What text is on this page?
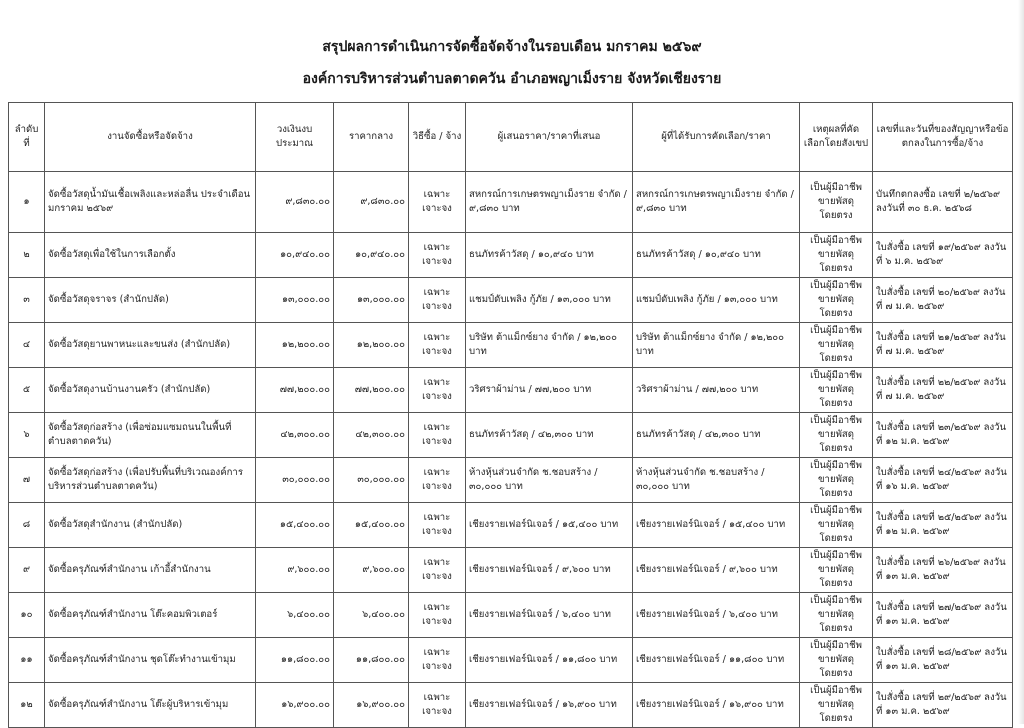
สรุปผลการดำเนินการจัดซื้อจัดจ้างในรอบเดือน มกราคม ๒๕๖๙
องค์การบริหารส่วนตำบลตาดควัน อำเภอพญาเม็งราย จังหวัดเชียงราย
ลำดับที่	งานจัดซื้อหรือจัดจ้าง	วงเงินงบประมาณ	ราคากลาง	วิธีซื้อ / จ้าง	ผู้เสนอราคา/ราคาที่เสนอ	ผู้ที่ได้รับการคัดเลือก/ราคา	เหตุผลที่คัดเลือกโดยสังเขป	เลขที่และวันที่ของสัญญาหรือข้อตกลงในการซื้อ/จ้าง
๑	จัดซื้อวัสดุน้ำมันเชื้อเพลิงและหล่อลื่น ประจำเดือน มกราคม ๒๕๖๙	๙,๘๓๐.๐๐	๙,๘๓๐.๐๐	เฉพาะเจาะจง	สหกรณ์การเกษตรพญาเม็งราย จำกัด / ๙,๘๓๐ บาท	สหกรณ์การเกษตรพญาเม็งราย จำกัด / ๙,๘๓๐ บาท	เป็นผู้มีอาชีพ ขายพัสดุโดยตรง	บันทึกตกลงซื้อ เลขที่ ๒/๒๕๖๙ ลงวันที่ ๓๐ ธ.ค. ๒๕๖๘
๒	จัดซื้อวัสดุเพื่อใช้ในการเลือกตั้ง	๑๐,๙๔๐.๐๐	๑๐,๙๔๐.๐๐	เฉพาะเจาะจง	ธนภัทรค้าวัสดุ / ๑๐,๙๔๐ บาท	ธนภัทรค้าวัสดุ / ๑๐,๙๔๐ บาท	เป็นผู้มีอาชีพ ขายพัสดุโดยตรง	ใบสั่งซื้อ เลขที่ ๑๙/๒๕๖๙ ลงวันที่ ๖ ม.ค. ๒๕๖๙
๓	จัดซื้อวัสดุจราจร (สำนักปลัด)	๑๓,๐๐๐.๐๐	๑๓,๐๐๐.๐๐	เฉพาะเจาะจง	แชมป์ดับเพลิง กู้ภัย / ๑๓,๐๐๐ บาท	แชมป์ดับเพลิง กู้ภัย / ๑๓,๐๐๐ บาท	เป็นผู้มีอาชีพ ขายพัสดุโดยตรง	ใบสั่งซื้อ เลขที่ ๒๐/๒๕๖๙ ลงวันที่ ๗ ม.ค. ๒๕๖๙
๔	จัดซื้อวัสดุยานพาหนะและขนส่ง (สำนักปลัด)	๑๒,๒๐๐.๐๐	๑๒,๒๐๐.๐๐	เฉพาะเจาะจง	บริษัท ต้าแม็กซ์ยาง จำกัด / ๑๒,๒๐๐ บาท	บริษัท ต้าแม็กซ์ยาง จำกัด / ๑๒,๒๐๐ บาท	เป็นผู้มีอาชีพ ขายพัสดุโดยตรง	ใบสั่งซื้อ เลขที่ ๒๑/๒๕๖๙ ลงวันที่ ๗ ม.ค. ๒๕๖๙
๕	จัดซื้อวัสดุงานบ้านงานครัว (สำนักปลัด)	๗๗,๒๐๐.๐๐	๗๗,๒๐๐.๐๐	เฉพาะเจาะจง	วริศราผ้าม่าน / ๗๗,๒๐๐ บาท	วริศราผ้าม่าน / ๗๗,๒๐๐ บาท	เป็นผู้มีอาชีพ ขายพัสดุโดยตรง	ใบสั่งซื้อ เลขที่ ๒๒/๒๕๖๙ ลงวันที่ ๗ ม.ค. ๒๕๖๙
๖	จัดซื้อวัสดุก่อสร้าง (เพื่อซ่อมแซมถนนในพื้นที่ตำบลตาดควัน)	๔๒,๓๐๐.๐๐	๔๒,๓๐๐.๐๐	เฉพาะเจาะจง	ธนภัทรค้าวัสดุ / ๔๒,๓๐๐ บาท	ธนภัทรค้าวัสดุ / ๔๒,๓๐๐ บาท	เป็นผู้มีอาชีพ ขายพัสดุโดยตรง	ใบสั่งซื้อ เลขที่ ๒๓/๒๕๖๙ ลงวันที่ ๑๒ ม.ค. ๒๕๖๙
๗	จัดซื้อวัสดุก่อสร้าง (เพื่อปรับพื้นที่บริเวณองค์การบริหารส่วนตำบลตาดควัน)	๓๐,๐๐๐.๐๐	๓๐,๐๐๐.๐๐	เฉพาะเจาะจง	ห้างหุ้นส่วนจำกัด ช.ชอบสร้าง / ๓๐,๐๐๐ บาท	ห้างหุ้นส่วนจำกัด ช.ชอบสร้าง / ๓๐,๐๐๐ บาท	เป็นผู้มีอาชีพ ขายพัสดุโดยตรง	ใบสั่งซื้อ เลขที่ ๒๔/๒๕๖๙ ลงวันที่ ๑๖ ม.ค. ๒๕๖๙
๘	จัดซื้อวัสดุสำนักงาน (สำนักปลัด)	๑๕,๔๐๐.๐๐	๑๕,๔๐๐.๐๐	เฉพาะเจาะจง	เชียงรายเฟอร์นิเจอร์ / ๑๕,๔๐๐ บาท	เชียงรายเฟอร์นิเจอร์ / ๑๕,๔๐๐ บาท	เป็นผู้มีอาชีพ ขายพัสดุโดยตรง	ใบสั่งซื้อ เลขที่ ๒๕/๒๕๖๙ ลงวันที่ ๑๒ ม.ค. ๒๕๖๙
๙	จัดซื้อครุภัณฑ์สำนักงาน เก้าอี้สำนักงาน	๙,๖๐๐.๐๐	๙,๖๐๐.๐๐	เฉพาะเจาะจง	เชียงรายเฟอร์นิเจอร์ / ๙,๖๐๐ บาท	เชียงรายเฟอร์นิเจอร์ / ๙,๖๐๐ บาท	เป็นผู้มีอาชีพ ขายพัสดุโดยตรง	ใบสั่งซื้อ เลขที่ ๒๖/๒๕๖๙ ลงวันที่ ๑๓ ม.ค. ๒๕๖๙
๑๐	จัดซื้อครุภัณฑ์สำนักงาน โต๊ะคอมพิวเตอร์	๖,๔๐๐.๐๐	๖,๔๐๐.๐๐	เฉพาะเจาะจง	เชียงรายเฟอร์นิเจอร์ / ๖,๔๐๐ บาท	เชียงรายเฟอร์นิเจอร์ / ๖,๔๐๐ บาท	เป็นผู้มีอาชีพ ขายพัสดุโดยตรง	ใบสั่งซื้อ เลขที่ ๒๗/๒๕๖๙ ลงวันที่ ๑๓ ม.ค. ๒๕๖๙
๑๑	จัดซื้อครุภัณฑ์สำนักงาน ชุดโต๊ะทำงานเข้ามุม	๑๑,๘๐๐.๐๐	๑๑,๘๐๐.๐๐	เฉพาะเจาะจง	เชียงรายเฟอร์นิเจอร์ / ๑๑,๘๐๐ บาท	เชียงรายเฟอร์นิเจอร์ / ๑๑,๘๐๐ บาท	เป็นผู้มีอาชีพ ขายพัสดุโดยตรง	ใบสั่งซื้อ เลขที่ ๒๘/๒๕๖๙ ลงวันที่ ๑๓ ม.ค. ๒๕๖๙
๑๒	จัดซื้อครุภัณฑ์สำนักงาน โต๊ะผู้บริหารเข้ามุม	๑๖,๙๐๐.๐๐	๑๖,๙๐๐.๐๐	เฉพาะเจาะจง	เชียงรายเฟอร์นิเจอร์ / ๑๖,๙๐๐ บาท	เชียงรายเฟอร์นิเจอร์ / ๑๖,๙๐๐ บาท	เป็นผู้มีอาชีพ ขายพัสดุโดยตรง	ใบสั่งซื้อ เลขที่ ๒๙/๒๕๖๙ ลงวันที่ ๑๓ ม.ค. ๒๕๖๙
